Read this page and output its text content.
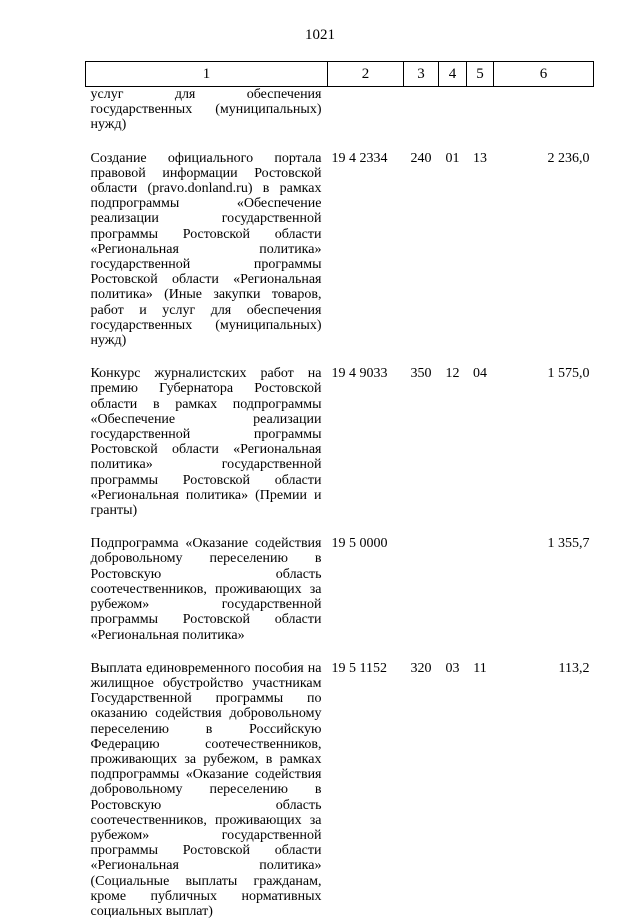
1021
1	2	3	4	5	6
услуг для обеспечения государственных (муниципальных) нужд)					

Создание официального портала правовой информации Ростовской области (pravo.donland.ru) в рамках подпрограммы «Обеспечение реализации государственной программы Ростовской области «Региональная политика» государственной программы Ростовской области «Региональная политика» (Иные закупки товаров, работ и услуг для обеспечения государственных (муниципальных) нужд)	19 4 2334	240	01	13	2 236,0

Конкурс журналистских работ на премию Губернатора Ростовской области в рамках подпрограммы «Обеспечение реализации государственной программы Ростовской области «Региональная политика» государственной программы Ростовской области «Региональная политика» (Премии и гранты)	19 4 9033	350	12	04	1 575,0

Подпрограмма «Оказание содействия добровольному переселению в Ростовскую область соотечественников, проживающих за рубежом» государственной программы Ростовской области «Региональная политика»	19 5 0000				1 355,7

Выплата единовременного пособия на жилищное обустройство участникам Государственной программы по оказанию содействия добровольному переселению в Российскую Федерацию соотечественников, проживающих за рубежом, в рамках подпрограммы «Оказание содействия добровольному переселению в Ростовскую область соотечественников, проживающих за рубежом» государственной программы Ростовской области «Региональная политика» (Социальные выплаты гражданам, кроме публичных нормативных социальных выплат)	19 5 1152	320	03	11	113,2
